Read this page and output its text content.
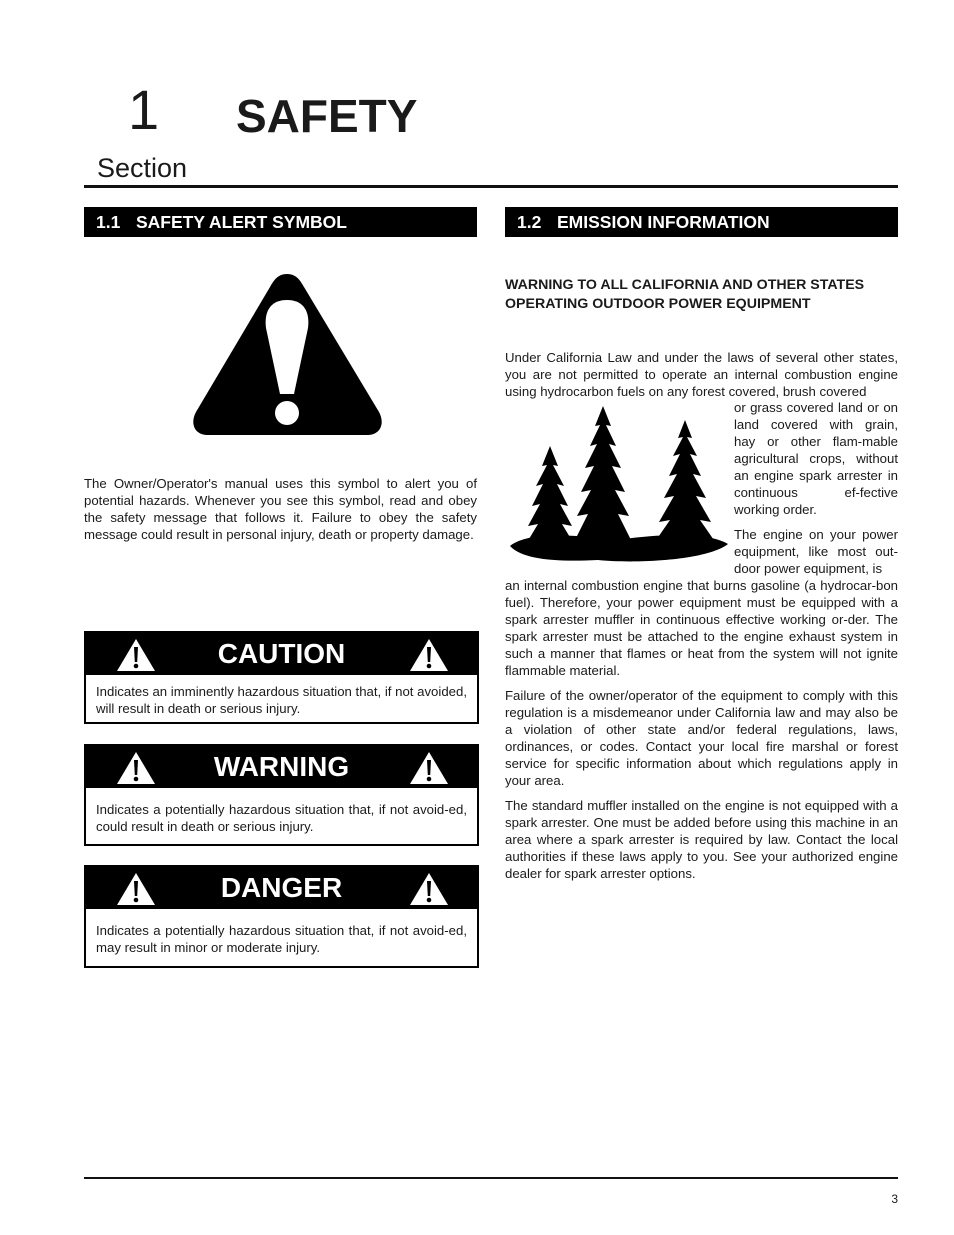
1 SAFETY
Section
1.1 SAFETY ALERT SYMBOL
The Owner/Operator's manual uses this symbol to alert you of potential hazards. Whenever you see this symbol, read and obey the safety message that follows it. Failure to obey the safety message could result in personal injury, death or property damage.
CAUTION
Indicates an imminently hazardous situation that, if not avoided, will result in death or serious injury.
WARNING
Indicates a potentially hazardous situation that, if not avoid-ed, could result in death or serious injury.
DANGER
Indicates a potentially hazardous situation that, if not avoid-ed, may result in minor or moderate injury.
1.2 EMISSION INFORMATION
WARNING TO ALL CALIFORNIA AND OTHER STATES OPERATING OUTDOOR POWER EQUIPMENT
Under California Law and under the laws of several other states, you are not permitted to operate an internal combustion engine using hydrocarbon fuels on any forest covered, brush covered
or grass covered land or on land covered with grain, hay or other flam-mable agricultural crops, without an engine spark arrester in continuous ef-fective working order.
The engine on your power equipment, like most out-door power equipment, is
an internal combustion engine that burns gasoline (a hydrocar-bon fuel). Therefore, your power equipment must be equipped with a spark arrester muffler in continuous effective working or-der. The spark arrester must be attached to the engine exhaust system in such a manner that flames or heat from the system will not ignite flammable material.
Failure of the owner/operator of the equipment to comply with this regulation is a misdemeanor under California law and may also be a violation of other state and/or federal regulations, laws, ordinances, or codes. Contact your local fire marshal or forest service for specific information about which regulations apply in your area.
The standard muffler installed on the engine is not equipped with a spark arrester. One must be added before using this machine in an area where a spark arrester is required by law. Contact the local authorities if these laws apply to you. See your authorized engine dealer for spark arrester options.
3
